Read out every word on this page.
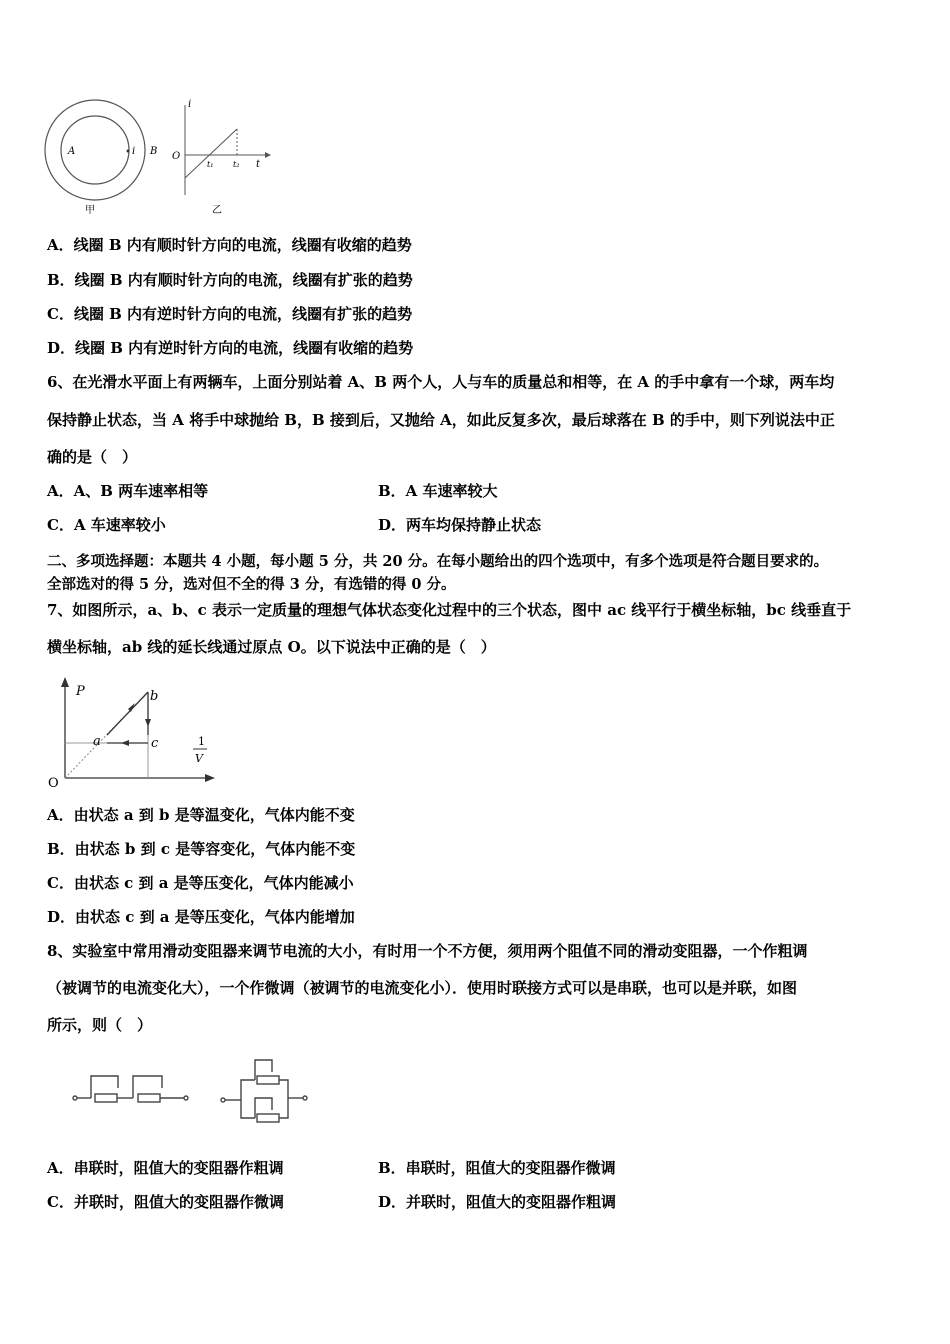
A	i B
甲
i
O
t₁ t₂ t
乙
A．线圈 B 内有顺时针方向的电流，线圈有收缩的趋势
B．线圈 B 内有顺时针方向的电流，线圈有扩张的趋势
C．线圈 B 内有逆时针方向的电流，线圈有扩张的趋势
D．线圈 B 内有逆时针方向的电流，线圈有收缩的趋势
6、在光滑水平面上有两辆车，上面分别站着 A、B 两个人，人与车的质量总和相等，在 A 的手中拿有一个球，两车均
保持静止状态，当 A 将手中球抛给 B，B 接到后，又抛给 A，如此反复多次，最后球落在 B 的手中，则下列说法中正
确的是（　）
A．A、B 两车速率相等	B．A 车速率较大
C．A 车速率较小	D．两车均保持静止状态
二、多项选择题：本题共 4 小题，每小题 5 分，共 20 分。在每小题给出的四个选项中，有多个选项是符合题目要求的。
全部选对的得 5 分，选对但不全的得 3 分，有选错的得 0 分。
7、如图所示，a、b、c 表示一定质量的理想气体状态变化过程中的三个状态，图中 ac 线平行于横坐标轴，bc 线垂直于
横坐标轴，ab 线的延长线通过原点 O。以下说法中正确的是（　）
P	b
a	c
O
1
V
A．由状态 a 到 b 是等温变化，气体内能不变
B．由状态 b 到 c 是等容变化，气体内能不变
C．由状态 c 到 a 是等压变化，气体内能减小
D．由状态 c 到 a 是等压变化，气体内能增加
8、实验室中常用滑动变阻器来调节电流的大小，有时用一个不方便，须用两个阻值不同的滑动变阻器，一个作粗调
（被调节的电流变化大），一个作微调（被调节的电流变化小）．使用时联接方式可以是串联，也可以是并联，如图
所示，则（　）
A．串联时，阻值大的变阻器作粗调	B．串联时，阻值大的变阻器作微调
C．并联时，阻值大的变阻器作微调	D．并联时，阻值大的变阻器作粗调
